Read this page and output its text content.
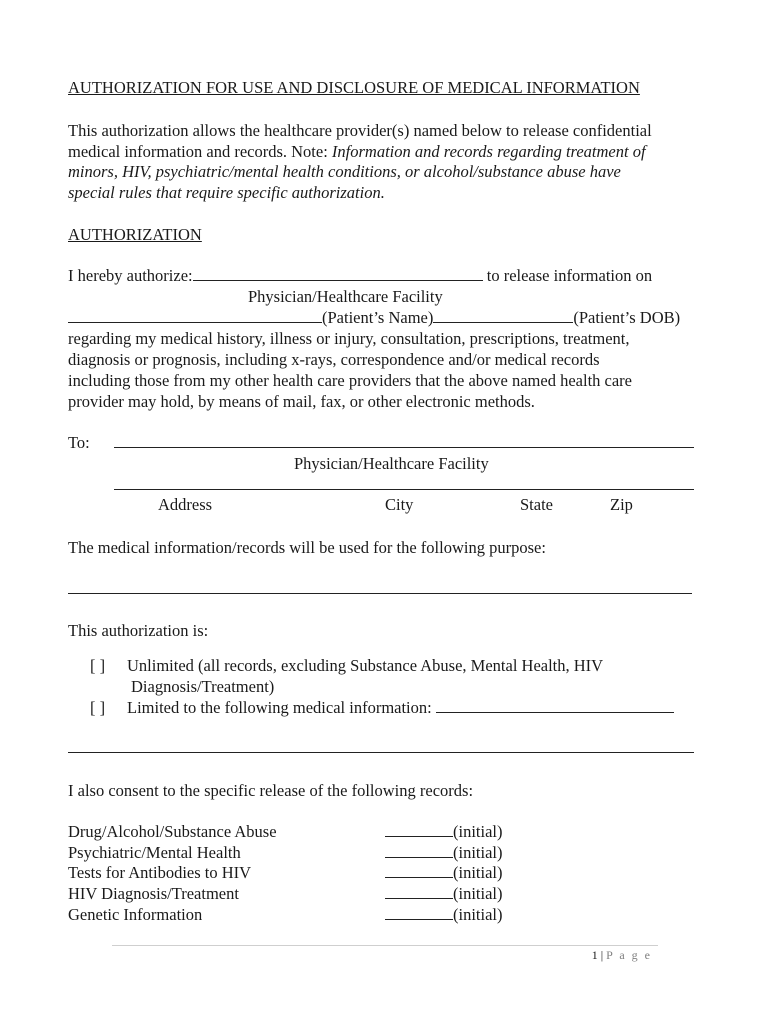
AUTHORIZATION FOR USE AND DISCLOSURE OF MEDICAL INFORMATION
This authorization allows the healthcare provider(s) named below to release confidential
medical information and records. Note: Information and records regarding treatment of
minors, HIV, psychiatric/mental health conditions, or alcohol/substance abuse have
special rules that require specific authorization.
AUTHORIZATION
I hereby authorize:	to release information on
Physician/Healthcare Facility
(Patient’s Name)	(Patient’s DOB)
regarding my medical history, illness or injury, consultation, prescriptions, treatment,
diagnosis or prognosis, including x-rays, correspondence and/or medical records
including those from my other health care providers that the above named health care
provider may hold, by means of mail, fax, or other electronic methods.
To:
Physician/Healthcare Facility
Address	City	State	Zip
The medical information/records will be used for the following purpose:
This authorization is:
[ ] Unlimited (all records, excluding Substance Abuse, Mental Health, HIV
Diagnosis/Treatment)
[ ] Limited to the following medical information:
I also consent to the specific release of the following records:
Drug/Alcohol/Substance Abuse	(initial)
Psychiatric/Mental Health	(initial)
Tests for Antibodies to HIV	(initial)
HIV Diagnosis/Treatment	(initial)
Genetic Information	(initial)
1 | P a g e
